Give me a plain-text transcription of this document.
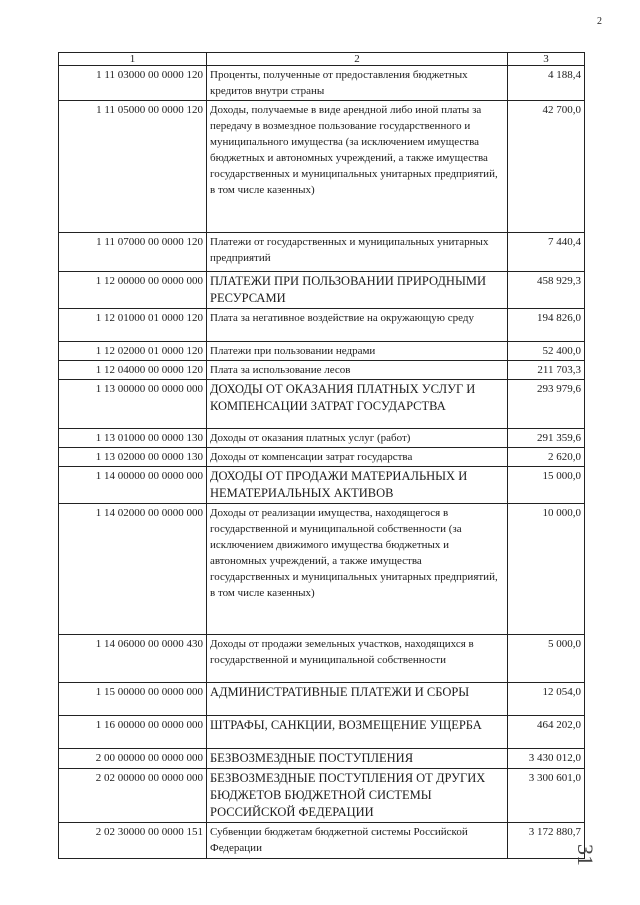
2
1	2	3
1 11 03000 00 0000 120	Проценты, полученные от предоставления бюджетных кредитов внутри страны	4 188,4
1 11 05000 00 0000 120	Доходы, получаемые в виде арендной либо иной платы за передачу в возмездное пользование государственного и муниципального имущества (за исключением имущества бюджетных и автономных учреждений, а также имущества государственных и муниципальных унитарных предприятий, в том числе казенных)	42 700,0
1 11 07000 00 0000 120	Платежи от государственных и муниципальных унитарных предприятий	7 440,4
1 12 00000 00 0000 000	ПЛАТЕЖИ ПРИ ПОЛЬЗОВАНИИ ПРИРОДНЫМИ РЕСУРСАМИ	458 929,3
1 12 01000 01 0000 120	Плата за негативное воздействие на окружающую среду	194 826,0
1 12 02000 01 0000 120	Платежи при пользовании недрами	52 400,0
1 12 04000 00 0000 120	Плата за использование лесов	211 703,3
1 13 00000 00 0000 000	ДОХОДЫ ОТ ОКАЗАНИЯ ПЛАТНЫХ УСЛУГ И КОМПЕНСАЦИИ ЗАТРАТ ГОСУДАРСТВА	293 979,6
1 13 01000 00 0000 130	Доходы от оказания платных услуг (работ)	291 359,6
1 13 02000 00 0000 130	Доходы от компенсации затрат государства	2 620,0
1 14 00000 00 0000 000	ДОХОДЫ ОТ ПРОДАЖИ МАТЕРИАЛЬНЫХ И НЕМАТЕРИАЛЬНЫХ АКТИВОВ	15 000,0
1 14 02000 00 0000 000	Доходы от реализации имущества, находящегося в государственной и муниципальной собственности (за исключением движимого имущества бюджетных и автономных учреждений, а также имущества государственных и муниципальных унитарных предприятий, в том числе казенных)	10 000,0
1 14 06000 00 0000 430	Доходы от продажи земельных участков, находящихся в государственной и муниципальной собственности	5 000,0
1 15 00000 00 0000 000	АДМИНИСТРАТИВНЫЕ ПЛАТЕЖИ И СБОРЫ	12 054,0
1 16 00000 00 0000 000	ШТРАФЫ, САНКЦИИ, ВОЗМЕЩЕНИЕ УЩЕРБА	464 202,0
2 00 00000 00 0000 000	БЕЗВОЗМЕЗДНЫЕ ПОСТУПЛЕНИЯ	3 430 012,0
2 02 00000 00 0000 000	БЕЗВОЗМЕЗДНЫЕ ПОСТУПЛЕНИЯ ОТ ДРУГИХ БЮДЖЕТОВ БЮДЖЕТНОЙ СИСТЕМЫ РОССИЙСКОЙ ФЕДЕРАЦИИ	3 300 601,0
2 02 30000 00 0000 151	Субвенции бюджетам бюджетной системы Российской Федерации	3 172 880,7
31
